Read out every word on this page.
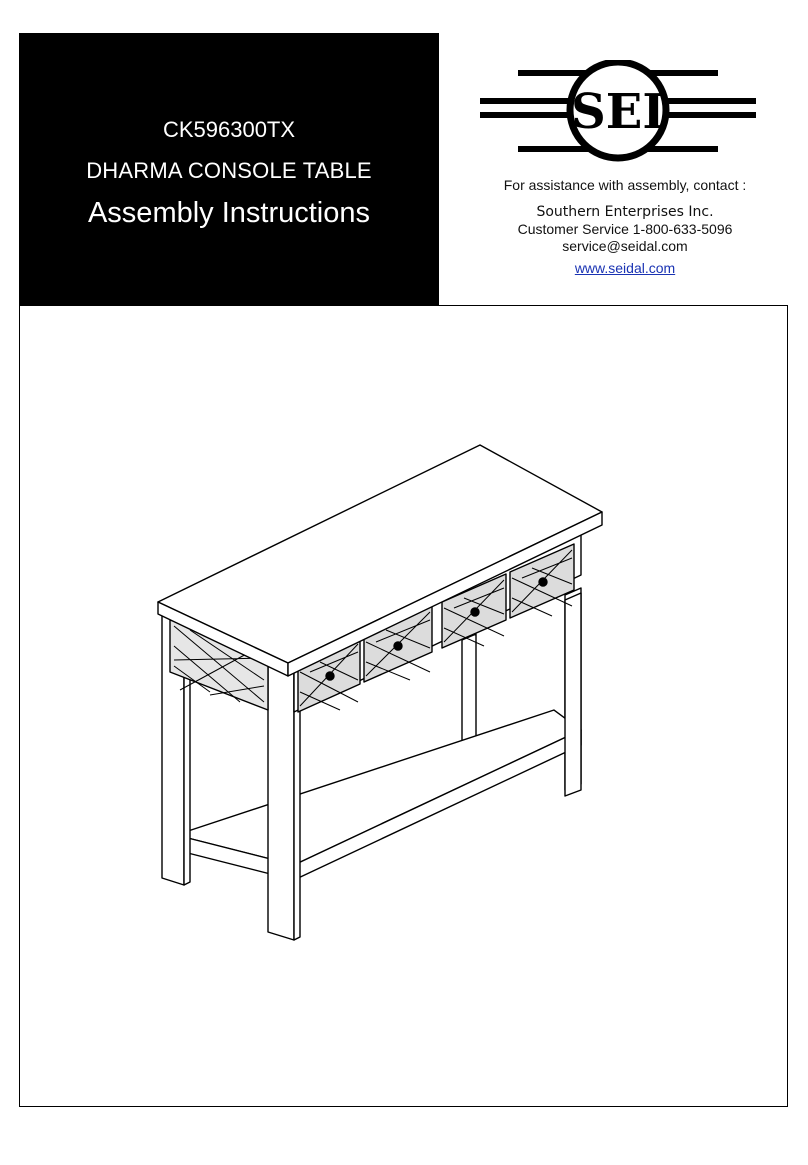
CK596300TX
DHARMA CONSOLE TABLE
Assembly Instructions
SEI
For assistance with assembly, contact :
Southern Enterprises Inc.
Customer Service 1-800-633-5096
service@seidal.com
www.seidal.com
